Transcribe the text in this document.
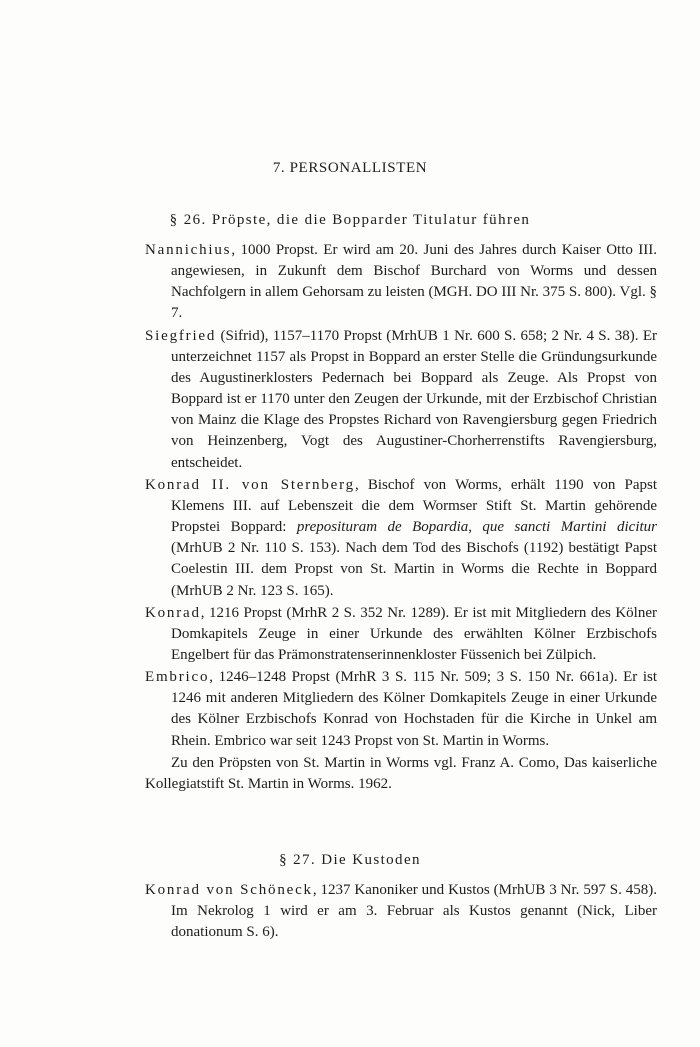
7. PERSONALLISTEN
§ 26. Pröpste, die die Bopparder Titulatur führen

Nannichius, 1000 Propst. Er wird am 20. Juni des Jahres durch Kaiser Otto III. angewiesen, in Zukunft dem Bischof Burchard von Worms und dessen Nachfolgern in allem Gehorsam zu leisten (MGH. DO III Nr. 375 S. 800). Vgl. § 7.

Siegfried (Sifrid), 1157–1170 Propst (MrhUB 1 Nr. 600 S. 658; 2 Nr. 4 S. 38). Er unterzeichnet 1157 als Propst in Boppard an erster Stelle die Gründungsurkunde des Augustinerklosters Pedernach bei Boppard als Zeuge. Als Propst von Boppard ist er 1170 unter den Zeugen der Urkunde, mit der Erzbischof Christian von Mainz die Klage des Propstes Richard von Ravengiersburg gegen Friedrich von Heinzenberg, Vogt des Augustiner-Chorherrenstifts Ravengiersburg, entscheidet.

Konrad II. von Sternberg, Bischof von Worms, erhält 1190 von Papst Klemens III. auf Lebenszeit die dem Wormser Stift St. Martin gehörende Propstei Boppard: preposituram de Bopardia, que sancti Martini dicitur (MrhUB 2 Nr. 110 S. 153). Nach dem Tod des Bischofs (1192) bestätigt Papst Coelestin III. dem Propst von St. Martin in Worms die Rechte in Boppard (MrhUB 2 Nr. 123 S. 165).

Konrad, 1216 Propst (MrhR 2 S. 352 Nr. 1289). Er ist mit Mitgliedern des Kölner Domkapitels Zeuge in einer Urkunde des erwählten Kölner Erzbischofs Engelbert für das Prämonstratenserinnenkloster Füssenich bei Zülpich.

Embrico, 1246–1248 Propst (MrhR 3 S. 115 Nr. 509; 3 S. 150 Nr. 661a). Er ist 1246 mit anderen Mitgliedern des Kölner Domkapitels Zeuge in einer Urkunde des Kölner Erzbischofs Konrad von Hochstaden für die Kirche in Unkel am Rhein. Embrico war seit 1243 Propst von St. Martin in Worms.

Zu den Pröpsten von St. Martin in Worms vgl. Franz A. Como, Das kaiserliche Kollegiatstift St. Martin in Worms. 1962.

§ 27. Die Kustoden

Konrad von Schöneck, 1237 Kanoniker und Kustos (MrhUB 3 Nr. 597 S. 458). Im Nekrolog 1 wird er am 3. Februar als Kustos genannt (Nick, Liber donationum S. 6).
